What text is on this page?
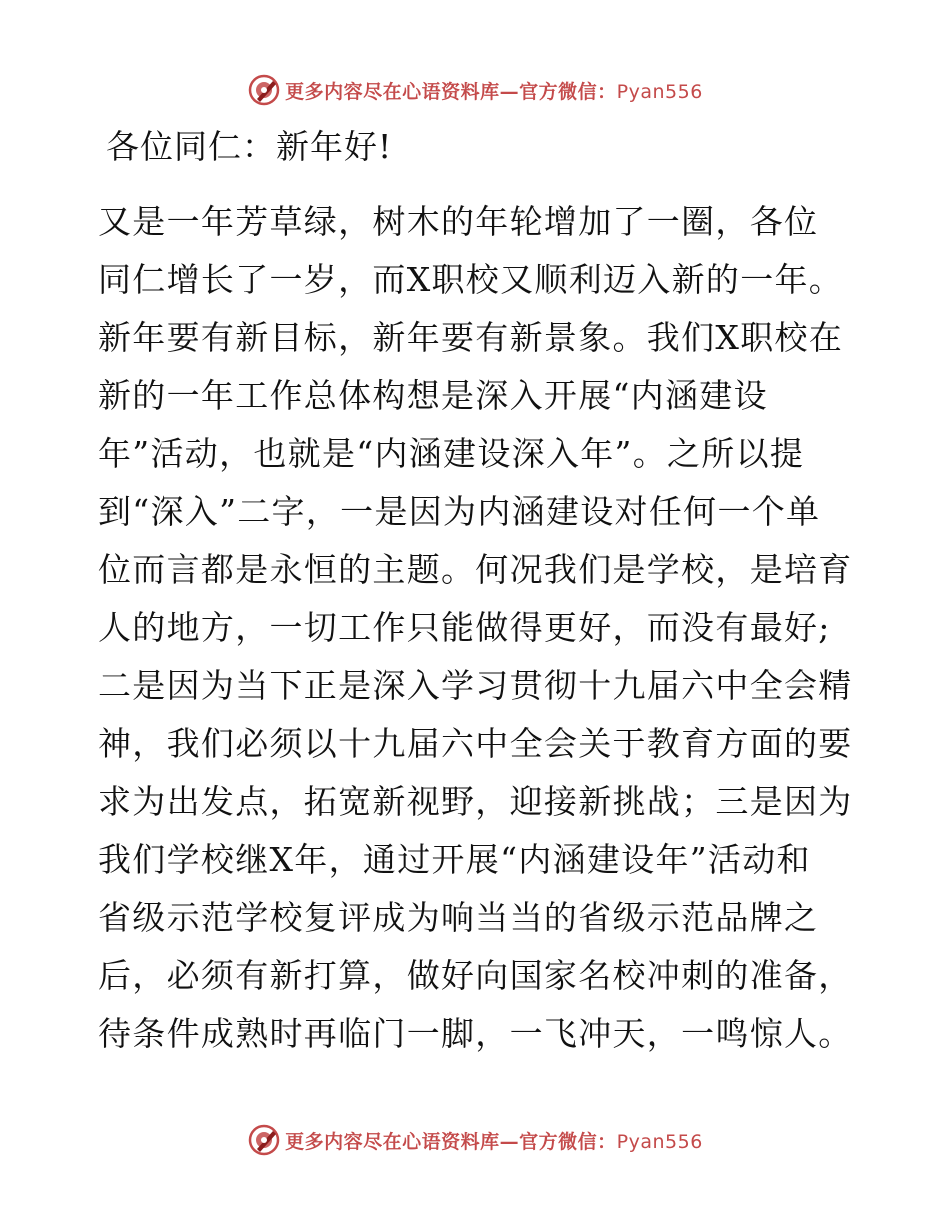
更多内容尽在心语资料库—官方微信：Pyan556
各位同仁：新年好!
又是一年芳草绿，树木的年轮增加了一圈，各位
同仁增长了一岁，而X职校又顺利迈入新的一年。
新年要有新目标，新年要有新景象。我们X职校在
新的一年工作总体构想是深入开展“内涵建设
年”活动，也就是“内涵建设深入年”。之所以提
到“深入”二字，一是因为内涵建设对任何一个单
位而言都是永恒的主题。何况我们是学校，是培育
人的地方，一切工作只能做得更好，而没有最好;
二是因为当下正是深入学习贯彻十九届六中全会精
神，我们必须以十九届六中全会关于教育方面的要
求为出发点，拓宽新视野，迎接新挑战；三是因为
我们学校继X年，通过开展“内涵建设年”活动和
省级示范学校复评成为响当当的省级示范品牌之
后，必须有新打算，做好向国家名校冲刺的准备，
待条件成熟时再临门一脚，一飞冲天，一鸣惊人。
更多内容尽在心语资料库—官方微信：Pyan556
